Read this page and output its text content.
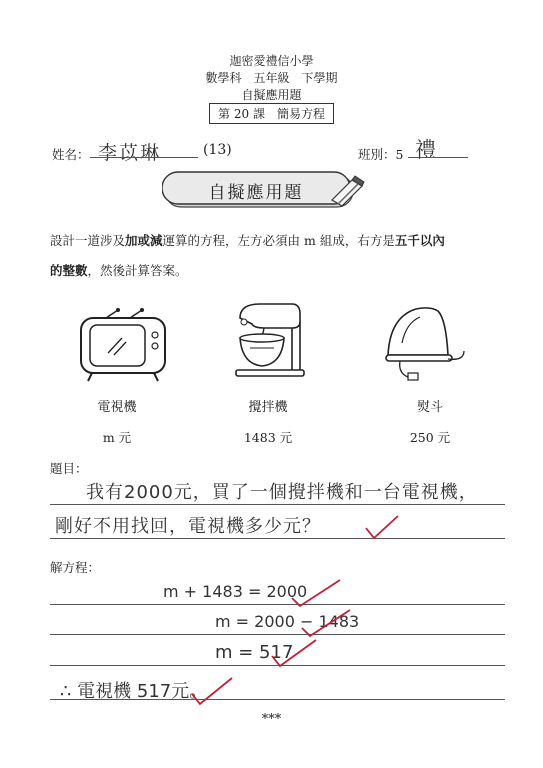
迦密愛禮信小學
數學科　五年級　下學期
自擬應用題
第 20 課　簡易方程
姓名： 李苡琳	(13)	班別：5 禮
自擬應用題
設計一道涉及加或減運算的方程，左方必須由 m 組成，右方是五千以內
的整數，然後計算答案。
電視機	攪拌機	熨斗
m 元	1483 元	250 元
題目：
我有2000元，買了一個攪拌機和一台電視機，
剛好不用找回，電視機多少元？
解方程：
m + 1483 = 2000
m = 2000 − 1483
m = 517
∴ 電視機 517元。
***
